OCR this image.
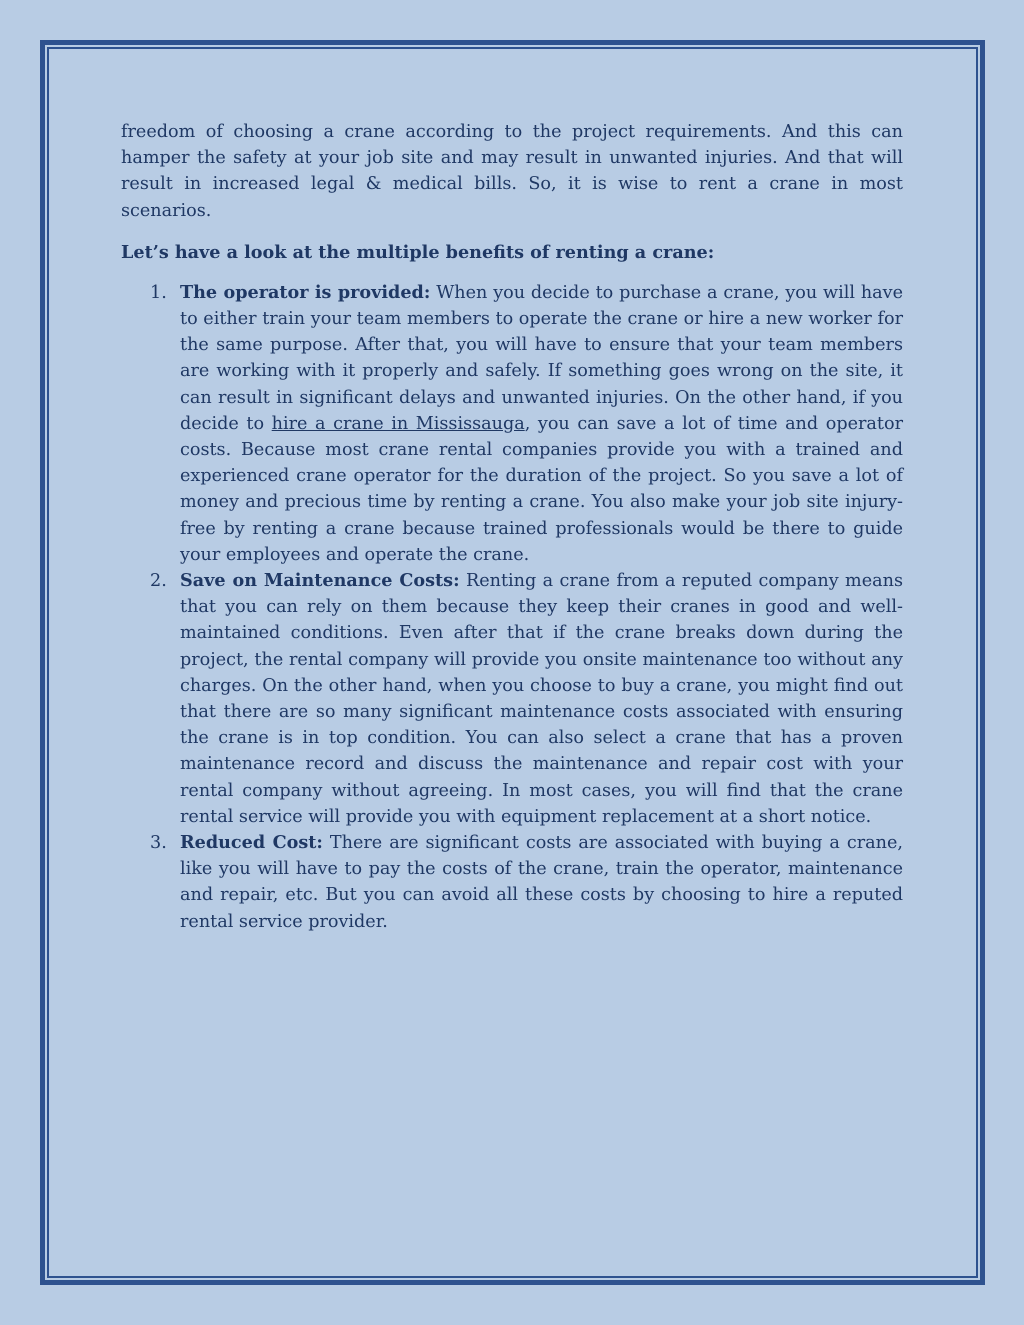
freedom of choosing a crane according to the project requirements. And this can hamper the safety at your job site and may result in unwanted injuries. And that will result in increased legal & medical bills. So, it is wise to rent a crane in most scenarios.

Let’s have a look at the multiple benefits of renting a crane:

1. The operator is provided: When you decide to purchase a crane, you will have to either train your team members to operate the crane or hire a new worker for the same purpose. After that, you will have to ensure that your team members are working with it properly and safely. If something goes wrong on the site, it can result in significant delays and unwanted injuries. On the other hand, if you decide to hire a crane in Mississauga, you can save a lot of time and operator costs. Because most crane rental companies provide you with a trained and experienced crane operator for the duration of the project. So you save a lot of money and precious time by renting a crane. You also make your job site injury-free by renting a crane because trained professionals would be there to guide your employees and operate the crane.
2. Save on Maintenance Costs: Renting a crane from a reputed company means that you can rely on them because they keep their cranes in good and well-maintained conditions. Even after that if the crane breaks down during the project, the rental company will provide you onsite maintenance too without any charges. On the other hand, when you choose to buy a crane, you might find out that there are so many significant maintenance costs associated with ensuring the crane is in top condition. You can also select a crane that has a proven maintenance record and discuss the maintenance and repair cost with your rental company without agreeing. In most cases, you will find that the crane rental service will provide you with equipment replacement at a short notice.
3. Reduced Cost: There are significant costs are associated with buying a crane, like you will have to pay the costs of the crane, train the operator, maintenance and repair, etc. But you can avoid all these costs by choosing to hire a reputed rental service provider.
